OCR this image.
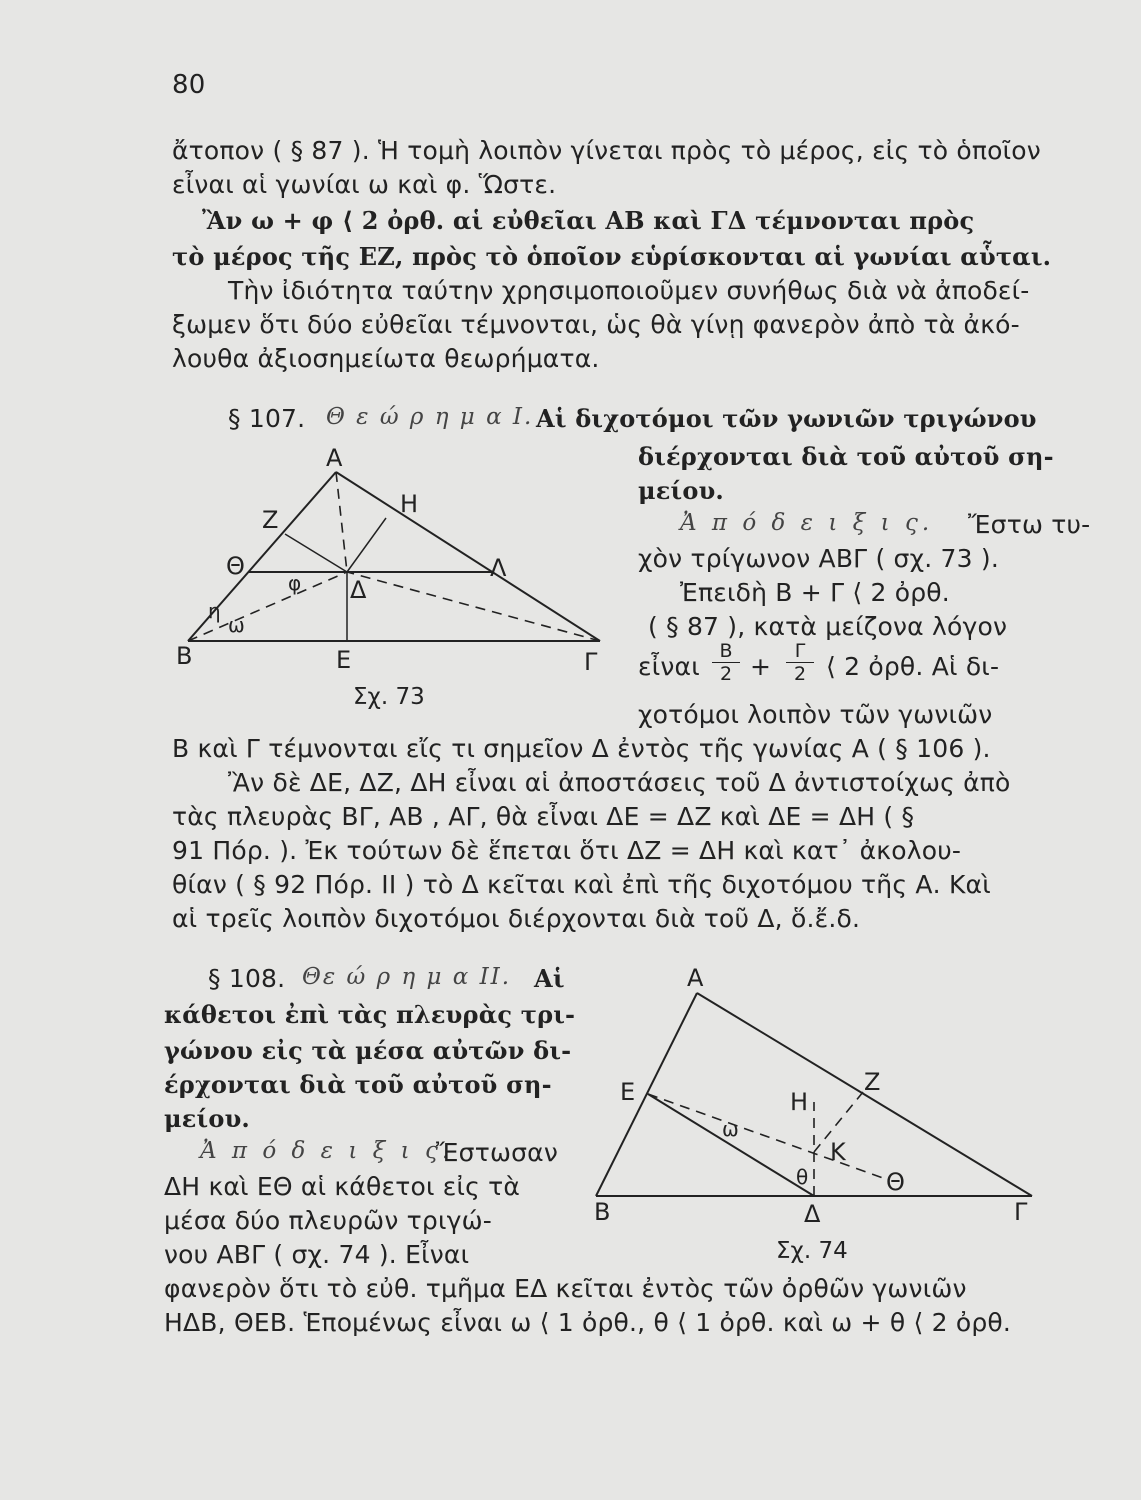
80
ἄτοπον ( § 87 ). Ἡ τομὴ λοιπὸν γίνεται πρὸς τὸ μέρος, εἰς τὸ ὁποῖον
εἶναι αἱ γωνίαι ω καὶ φ. Ὥστε.
Ἂν ω + φ ⟨ 2 ὀρθ. αἱ εὐθεῖαι ΑΒ καὶ ΓΔ τέμνονται πρὸς
τὸ μέρος τῆς ΕΖ, πρὸς τὸ ὁποῖον εὑρίσκονται αἱ γωνίαι αὗται.
Τὴν ἰδιότητα ταύτην χρησιμοποιοῦμεν συνήθως διὰ νὰ ἀποδεί-
ξωμεν ὅτι δύο εὐθεῖαι τέμνονται, ὡς θὰ γίνῃ φανερὸν ἀπὸ τὰ ἀκό-
λουθα ἀξιοσημείωτα θεωρήματα.
§ 107. Θ ε ώ ρ η μ α Ι. Αἱ διχοτόμοι τῶν γωνιῶν τριγώνου
διέρχονται διὰ τοῦ αὐτοῦ ση-
μείου.
Α
Β	Γ
Ζ
Η
Θ	Λ
Δ
Ε
φ
ω
η
Σχ. 73
Ἀ π ό δ ε ι ξ ι ς. Ἔστω τυ-
χὸν τρίγωνον ΑΒΓ ( σχ. 73 ).
Ἐπειδὴ Β + Γ ⟨ 2 ὀρθ.
( § 87 ), κατὰ μείζονα λόγον
εἶναι $\frac{B}{2} + \frac{\Gamma}{2}$ ⟨ 2 ὀρθ. Αἱ δι-
χοτόμοι λοιπὸν τῶν γωνιῶν
Β καὶ Γ τέμνονται εἴς τι σημεῖον Δ ἐντὸς τῆς γωνίας Α ( § 106 ).
Ἂν δὲ ΔΕ, ΔΖ, ΔΗ εἶναι αἱ ἀποστάσεις τοῦ Δ ἀντιστοίχως ἀπὸ
τὰς πλευρὰς ΒΓ, ΑΒ , ΑΓ, θὰ εἶναι ΔΕ = ΔΖ καὶ ΔΕ = ΔΗ ( §
91 Πόρ. ). Ἐκ τούτων δὲ ἕπεται ὅτι ΔΖ = ΔΗ καὶ κατ᾽ ἀκολου-
θίαν ( § 92 Πόρ. ΙΙ ) τὸ Δ κεῖται καὶ ἐπὶ τῆς διχοτόμου τῆς Α. Καὶ
αἱ τρεῖς λοιπὸν διχοτόμοι διέρχονται διὰ τοῦ Δ, ὅ.ἔ.δ.
§ 108. Θε ώ ρ η μ α ΙΙ. Αἱ
κάθετοι ἐπὶ τὰς πλευρὰς τρι-
γώνου εἰς τὰ μέσα αὐτῶν δι-
έρχονται διὰ τοῦ αὐτοῦ ση-
μείου.
Ἀ π ό δ ε ι ξ ι ς.
Ἔστωσαν
ΔΗ καὶ ΕΘ αἱ κάθετοι εἰς τὰ
μέσα δύο πλευρῶν τριγώ-
νου ΑΒΓ ( σχ. 74 ). Εἶναι
Α
Β	Γ
Ε	Ζ
Η
Κ
Θ
Δ
ω
θ
Σχ. 74
φανερὸν ὅτι τὸ εὐθ. τμῆμα ΕΔ κεῖται ἐντὸς τῶν ὀρθῶν γωνιῶν
ΗΔΒ, ΘΕΒ. Ἑπομένως εἶναι ω ⟨ 1 ὀρθ., θ ⟨ 1 ὀρθ. καὶ ω + θ ⟨ 2 ὀρθ.
